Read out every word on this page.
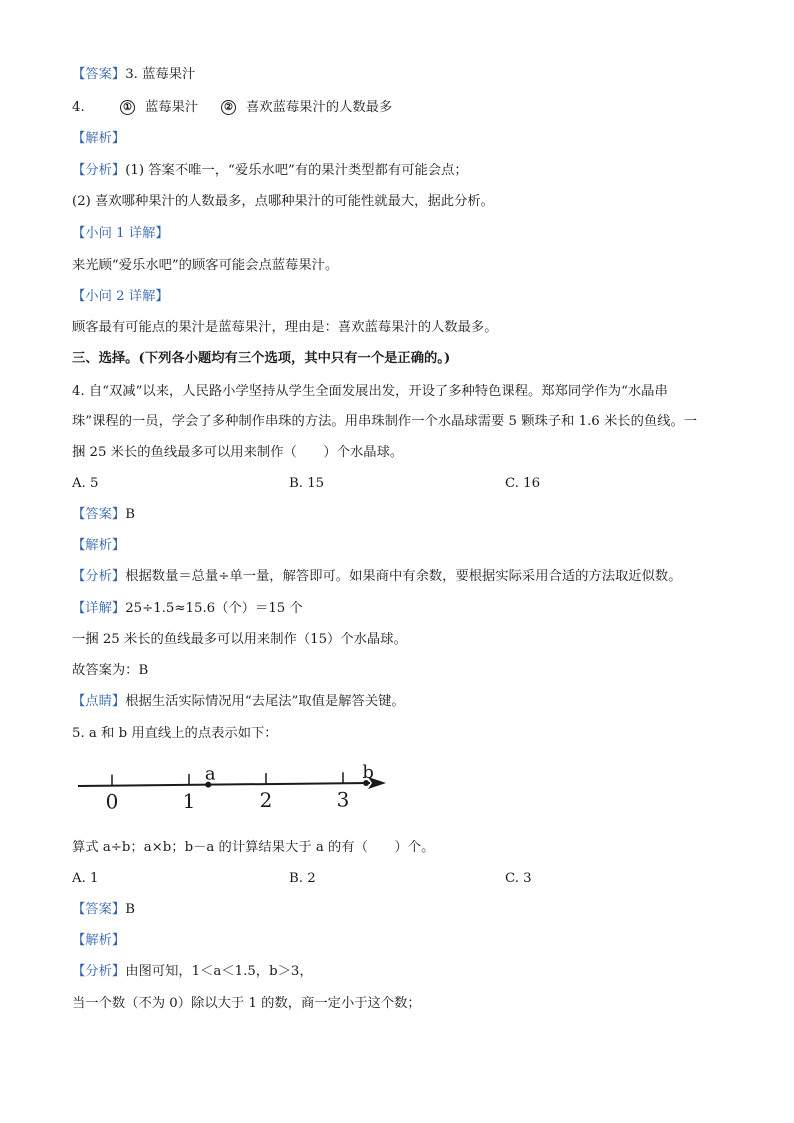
【答案】3. 蓝莓果汁
4.	① 蓝莓果汁	② 喜欢蓝莓果汁的人数最多
【解析】
【分析】(1) 答案不唯一，“爱乐水吧”有的果汁类型都有可能会点；
(2) 喜欢哪种果汁的人数最多，点哪种果汁的可能性就最大，据此分析。
【小问 1 详解】
来光顾“爱乐水吧”的顾客可能会点蓝莓果汁。
【小问 2 详解】
顾客最有可能点的果汁是蓝莓果汁，理由是：喜欢蓝莓果汁的人数最多。
三、选择。(下列各小题均有三个选项，其中只有一个是正确的。)
4. 自“双减”以来，人民路小学坚持从学生全面发展出发，开设了多种特色课程。郑郑同学作为“水晶串
珠”课程的一员，学会了多种制作串珠的方法。用串珠制作一个水晶球需要 5 颗珠子和 1.6 米长的鱼线。一
捆 25 米长的鱼线最多可以用来制作（　　）个水晶球。
A. 5	B. 15	C. 16
【答案】B
【解析】
【分析】根据数量＝总量÷单一量，解答即可。如果商中有余数，要根据实际采用合适的方法取近似数。
【详解】25÷1.5≈15.6（个）＝15 个
一捆 25 米长的鱼线最多可以用来制作（15）个水晶球。
故答案为：B
【点睛】根据生活实际情况用“去尾法”取值是解答关键。
5. a 和 b 用直线上的点表示如下：
0	1	2	3
a	b
算式 a÷b；a×b；b－a 的计算结果大于 a 的有（　　）个。
A. 1	B. 2	C. 3
【答案】B
【解析】
【分析】由图可知，1＜a＜1.5，b＞3，
当一个数（不为 0）除以大于 1 的数，商一定小于这个数；
